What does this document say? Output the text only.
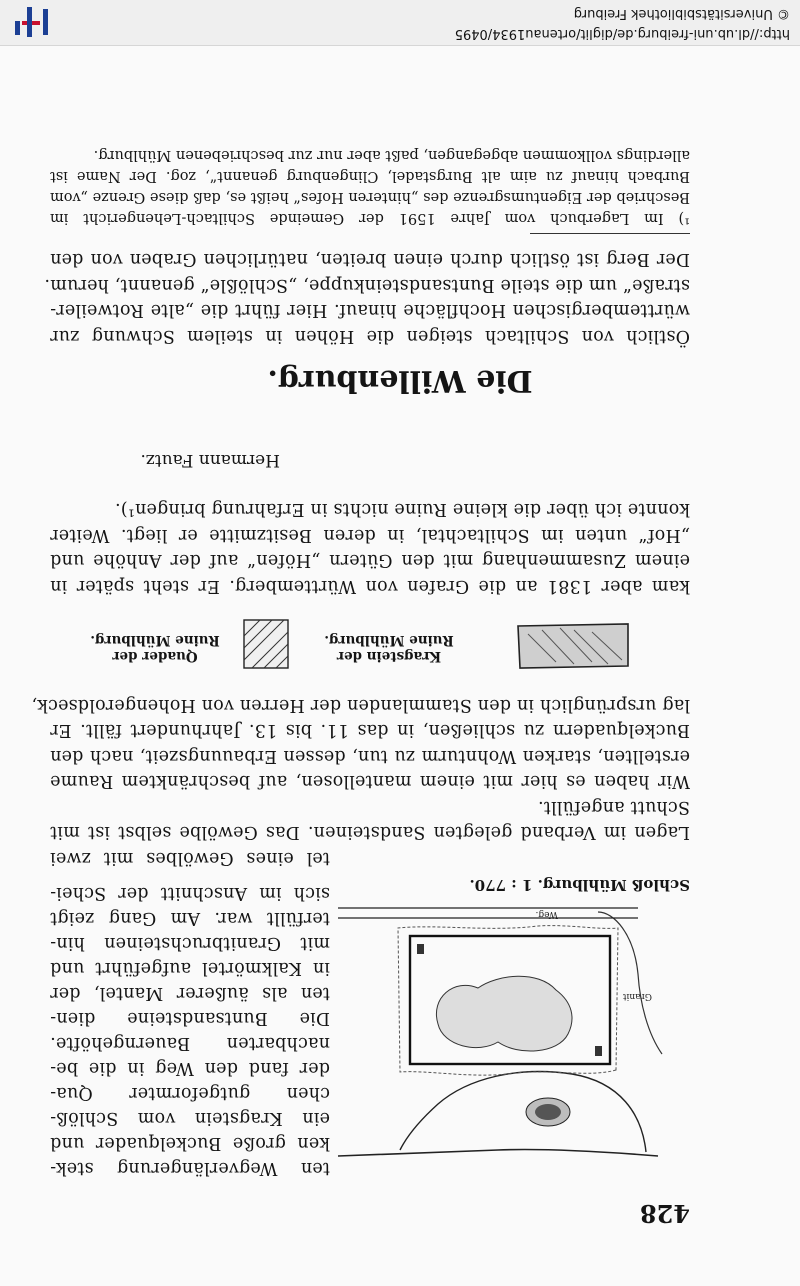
428
Granit
Weg.
Schloß Mühlburg. 1 : 770.
ten Wegverlängerung stek-
ken große Buckelquader und
ein Kragstein vom Schlöß-
chen gutgeformter Qua-
der fand den Weg in die be-
nachbarten Bauerngehöfte.
Die Buntsandsteine dien-
ten als äußerer Mantel, der
in Kalkmörtel aufgeführt und
mit Granitbruchsteinen hin-
terfüllt war. Am Gang zeigt
sich im Anschnitt der Schei-
tel eines Gewölbes mit zwei
Lagen im Verband gelegten Sandsteinen. Das Gewölbe selbst ist mit
Schutt angefüllt.
Wir haben es hier mit einem mantellosen, auf beschränktem Raume
erstellten, starken Wohnturm zu tun, dessen Erbauungszeit, nach den
Buckelquadern zu schließen, in das 11. bis 13. Jahrhundert fällt. Er
lag ursprünglich in den Stammlanden der Herren von Hohengeroldseck,
Kragstein der
Ruine Mühlburg.
Quader der
Ruine Mühlburg.
kam aber 1381 an die Grafen von Württemberg. Er steht später in
einem Zusammenhang mit den Gütern „Höfen“ auf der Anhöhe und
„Hof“ unten im Schiltachtal, in deren Besitzmitte er liegt. Weiter
konnte ich über die kleine Ruine nichts in Erfahrung bringen¹).
Hermann Fautz.
Die Willenburg.
Östlich von Schiltach steigen die Höhen in steilem Schwung zur
württembergischen Hochfläche hinauf. Hier führt die „alte Rotweiler-
straße“ um die steile Buntsandsteinkuppe, „Schlößle“ genannt, herum.
Der Berg ist östlich durch einen breiten, natürlichen Graben von den
¹) Im Lagerbuch vom Jahre 1591 der Gemeinde Schiltach-Lehengericht im
Beschrieb der Eigentumsgrenze des „hinteren Hofes“ heißt es, daß diese Grenze „vom
Burbach hinauf zu aim alt Burgstadel, Clingenburg genannt“, zog. Der Name ist
allerdings vollkommen abgegangen, paßt aber nur zur beschriebenen Mühlburg.
http://dl.ub.uni-freiburg.de/diglit/ortenau1934/0495
© Universitätsbibliothek Freiburg
